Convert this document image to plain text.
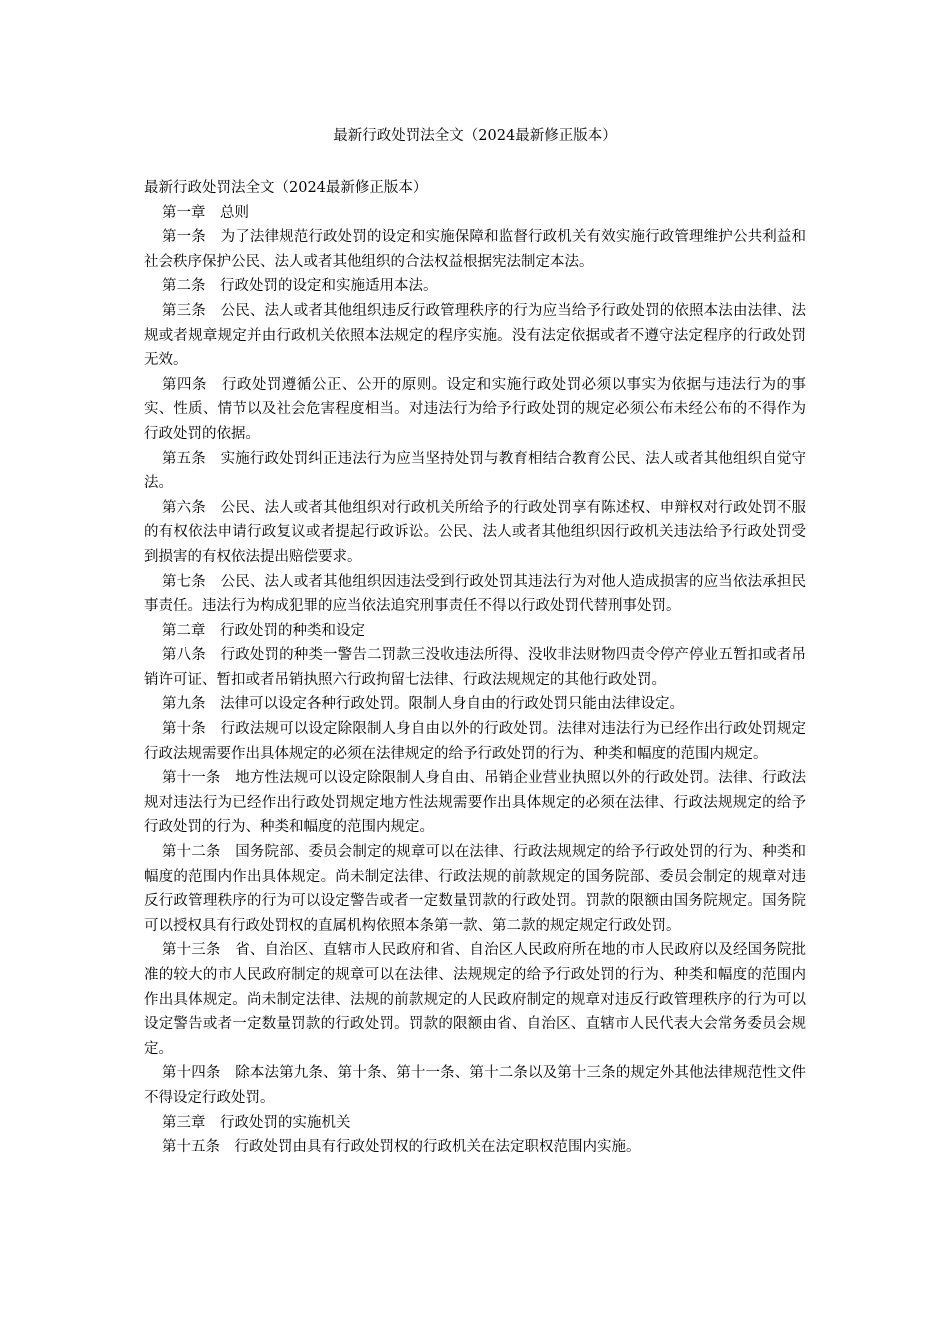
最新行政处罚法全文（2024最新修正版本）

最新行政处罚法全文（2024最新修正版本）

第一章　 总则

第一条　 为了法律规范行政处罚的设定和实施保障和监督行政机关有效实施行政管理维护公共利益和社会秩序保护公民、法人或者其他组织的合法权益根据宪法制定本法。

第二条　 行政处罚的设定和实施适用本法。

第三条　 公民、法人或者其他组织违反行政管理秩序的行为应当给予行政处罚的依照本法由法律、法规或者规章规定并由行政机关依照本法规定的程序实施。没有法定依据或者不遵守法定程序的行政处罚无效。

第四条　 行政处罚遵循公正、公开的原则。设定和实施行政处罚必须以事实为依据与违法行为的事实、性质、情节以及社会危害程度相当。对违法行为给予行政处罚的规定必须公布未经公布的不得作为行政处罚的依据。

第五条　 实施行政处罚纠正违法行为应当坚持处罚与教育相结合教育公民、法人或者其他组织自觉守法。

第六条　 公民、法人或者其他组织对行政机关所给予的行政处罚享有陈述权、申辩权对行政处罚不服的有权依法申请行政复议或者提起行政诉讼。公民、法人或者其他组织因行政机关违法给予行政处罚受到损害的有权依法提出赔偿要求。

第七条　 公民、法人或者其他组织因违法受到行政处罚其违法行为对他人造成损害的应当依法承担民事责任。违法行为构成犯罪的应当依法追究刑事责任不得以行政处罚代替刑事处罚。

第二章　 行政处罚的种类和设定

第八条　 行政处罚的种类一警告二罚款三没收违法所得、没收非法财物四责令停产停业五暂扣或者吊销许可证、暂扣或者吊销执照六行政拘留七法律、行政法规规定的其他行政处罚。

第九条　 法律可以设定各种行政处罚。限制人身自由的行政处罚只能由法律设定。

第十条　 行政法规可以设定除限制人身自由以外的行政处罚。法律对违法行为已经作出行政处罚规定行政法规需要作出具体规定的必须在法律规定的给予行政处罚的行为、种类和幅度的范围内规定。

第十一条　 地方性法规可以设定除限制人身自由、吊销企业营业执照以外的行政处罚。法律、行政法规对违法行为已经作出行政处罚规定地方性法规需要作出具体规定的必须在法律、行政法规规定的给予行政处罚的行为、种类和幅度的范围内规定。

第十二条　 国务院部、委员会制定的规章可以在法律、行政法规规定的给予行政处罚的行为、种类和幅度的范围内作出具体规定。尚未制定法律、行政法规的前款规定的国务院部、委员会制定的规章对违反行政管理秩序的行为可以设定警告或者一定数量罚款的行政处罚。罚款的限额由国务院规定。国务院可以授权具有行政处罚权的直属机构依照本条第一款、第二款的规定规定行政处罚。

第十三条　 省、自治区、直辖市人民政府和省、自治区人民政府所在地的市人民政府以及经国务院批准的较大的市人民政府制定的规章可以在法律、法规规定的给予行政处罚的行为、种类和幅度的范围内作出具体规定。尚未制定法律、法规的前款规定的人民政府制定的规章对违反行政管理秩序的行为可以设定警告或者一定数量罚款的行政处罚。罚款的限额由省、自治区、直辖市人民代表大会常务委员会规定。

第十四条　 除本法第九条、第十条、第十一条、第十二条以及第十三条的规定外其他法律规范性文件不得设定行政处罚。

第三章　 行政处罚的实施机关

第十五条　 行政处罚由具有行政处罚权的行政机关在法定职权范围内实施。
